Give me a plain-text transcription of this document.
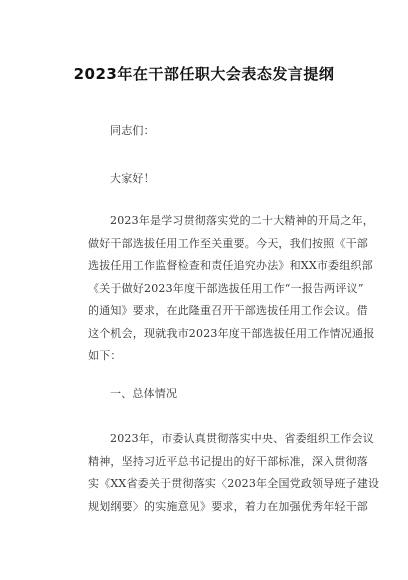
2023年在干部任职大会表态发言提纲
同志们：
大家好！
2023年是学习贯彻落实党的二十大精神的开局之年，
做好干部选拔任用工作至关重要。今天，我们按照《干部
选拔任用工作监督检查和责任追究办法》和XX市委组织部
《关于做好2023年度干部选拔任用工作“一报告两评议”
的通知》要求，在此隆重召开干部选拔任用工作会议。借
这个机会，现就我市2023年度干部选拔任用工作情况通报
如下：
一、总体情况
2023年，市委认真贯彻落实中央、省委组织工作会议
精神，坚持习近平总书记提出的好干部标准，深入贯彻落
实《XX省委关于贯彻落实〈2023年全国党政领导班子建设
规划纲要〉的实施意见》要求，着力在加强优秀年轻干部
